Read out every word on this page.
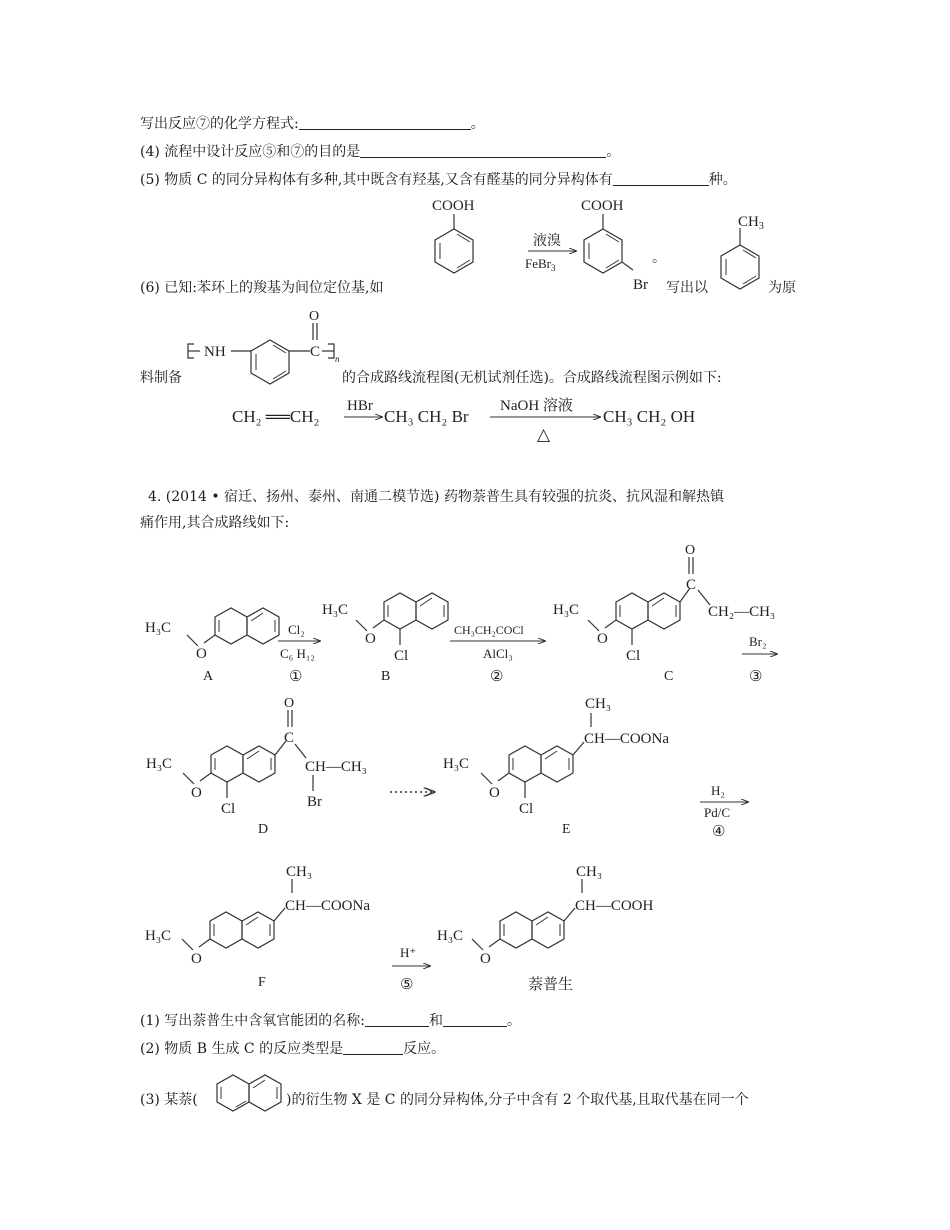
写出反应⑦的化学方程式:	。
(4) 流程中设计反应⑤和⑦的目的是	。
(5) 物质 C 的同分异构体有多种,其中既含有羟基,又含有醛基的同分异构体有	种。
(6) 已知:苯环上的羧基为间位定位基,如	写出以	为原
料制备	的合成路线流程图(无机试剂任选)。合成路线流程图示例如下:
4. (2014 • 宿迁、扬州、泰州、南通二模节选) 药物萘普生具有较强的抗炎、抗风湿和解热镇
痛作用,其合成路线如下:
(1) 写出萘普生中含氧官能团的名称:	和	。
(2) 物质 B 生成 C 的反应类型是	反应。
(3) 某萘(	)的衍生物 X 是 C 的同分异构体,分子中含有 2 个取代基,且取代基在同一个
COOH
液溴
FeBr$_3$
COOH
Br
。
$CH_3$
NH	C
O
n
CH₂ ══CH₂
HBr
CH₃ CH₂ Br
NaOH 溶液
△
CH₃ CH₂ OH
O
H₃C
A
Cl₂
C₆ H₁₂
①
O
H₃C
Cl
B
CH₃CH₂COCl
AlCl₃
②
O
H₃C
Cl
C
O
CH₂—CH₃
C
Br₂
③
O
H₃C
Cl
C
O
CH—CH₃
Br
D
O
H₃C
Cl
CH—COONa
CH₃
E
H₂
Pd/C
④
O
H₃C
CH—COONa
CH₃
F
H⁺
⑤
O
H₃C
CH—COOH
CH₃
萘普生
